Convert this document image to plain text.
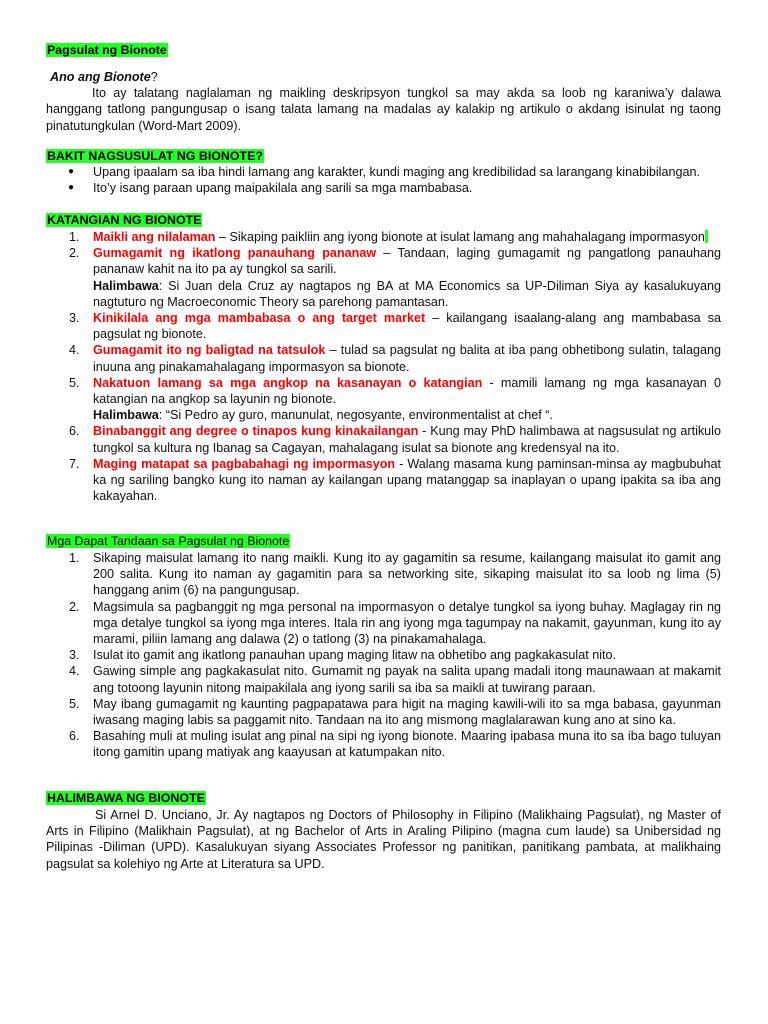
Pagsulat ng Bionote
Ano ang Bionote?

Ito ay talatang naglalaman ng maikling deskripsyon tungkol sa may akda sa loob ng karaniwa’y dalawa hanggang tatlong pangungusap o isang talata lamang na madalas ay kalakip ng artikulo o akdang isinulat ng taong pinatutungkulan (Word-Mart 2009).

BAKIT NAGSUSULAT NG BIONOTE?
● Upang ipaalam sa iba hindi lamang ang karakter, kundi maging ang kredibilidad sa larangang kinabibilangan.
● Ito’y isang paraan upang maipakilala ang sarili sa mga mambabasa.
KATANGIAN NG BIONOTE
1. Maikli ang nilalaman – Sikaping paikliin ang iyong bionote at isulat lamang ang mahahalagang impormasyon
2. Gumagamit ng ikatlong panauhang pananaw – Tandaan, laging gumagamit ng pangatlong panauhang pananaw kahit na ito pa ay tungkol sa sarili.
Halimbawa: Si Juan dela Cruz ay nagtapos ng BA at MA Economics sa UP-Diliman Siya ay kasalukuyang nagtuturo ng Macroeconomic Theory sa parehong pamantasan.
3. Kinikilala ang mga mambabasa o ang target market – kailangang isaalang-alang ang mambabasa sa pagsulat ng bionote.
4. Gumagamit ito ng baligtad na tatsulok – tulad sa pagsulat ng balita at iba pang obhetibong sulatin, talagang inuuna ang pinakamahalagang impormasyon sa bionote.
5. Nakatuon lamang sa mga angkop na kasanayan o katangian - mamili lamang ng mga kasanayan 0 katangian na angkop sa layunin ng bionote.
Halimbawa: “Si Pedro ay guro, manunulat, negosyante, environmentalist at chef “.
6. Binabanggit ang degree o tinapos kung kinakailangan - Kung may PhD halimbawa at nagsusulat ng artikulo tungkol sa kultura ng Ibanag sa Cagayan, mahalagang isulat sa bionote ang kredensyal na ito.
7. Maging matapat sa pagbabahagi ng impormasyon - Walang masama kung paminsan-minsa ay magbubuhat ka ng sariling bangko kung ito naman ay kailangan upang matanggap sa inaplayan o upang ipakita sa iba ang kakayahan.
Mga Dapat Tandaan sa Pagsulat ng Bionote
1. Sikaping maisulat lamang ito nang maikli. Kung ito ay gagamitin sa resume, kailangang maisulat ito gamit ang 200 salita. Kung ito naman ay gagamitin para sa networking site, sikaping maisulat ito sa loob ng lima (5) hanggang anim (6) na pangungusap.
2. Magsimula sa pagbanggit ng mga personal na impormasyon o detalye tungkol sa iyong buhay. Maglagay rin ng mga detalye tungkol sa iyong mga interes. Itala rin ang iyong mga tagumpay na nakamit, gayunman, kung ito ay marami, piliin lamang ang dalawa (2) o tatlong (3) na pinakamahalaga.
3. Isulat ito gamit ang ikatlong panauhan upang maging litaw na obhetibo ang pagkakasulat nito.
4. Gawing simple ang pagkakasulat nito. Gumamit ng payak na salita upang madali itong maunawaan at makamit ang totoong layunin nitong maipakilala ang iyong sarili sa iba sa maikli at tuwirang paraan.
5. May ibang gumagamit ng kaunting pagpapatawa para higit na maging kawili-wili ito sa mga babasa, gayunman iwasang maging labis sa paggamit nito. Tandaan na ito ang mismong maglalarawan kung ano at sino ka.
6. Basahing muli at muling isulat ang pinal na sipi ng iyong bionote. Maaring ipabasa muna ito sa iba bago tuluyan itong gamitin upang matiyak ang kaayusan at katumpakan nito.
HALIMBAWA NG BIONOTE

Si Arnel D. Unciano, Jr. Ay nagtapos ng Doctors of Philosophy in Filipino (Malikhaing Pagsulat), ng Master of Arts in Filipino (Malikhain Pagsulat), at ng Bachelor of Arts in Araling Pilipino (magna cum laude) sa Unibersidad ng Pilipinas -Diliman (UPD). Kasalukuyan siyang Associates Professor ng panitikan, panitikang pambata, at malikhaing pagsulat sa kolehiyo ng Arte at Literatura sa UPD.
